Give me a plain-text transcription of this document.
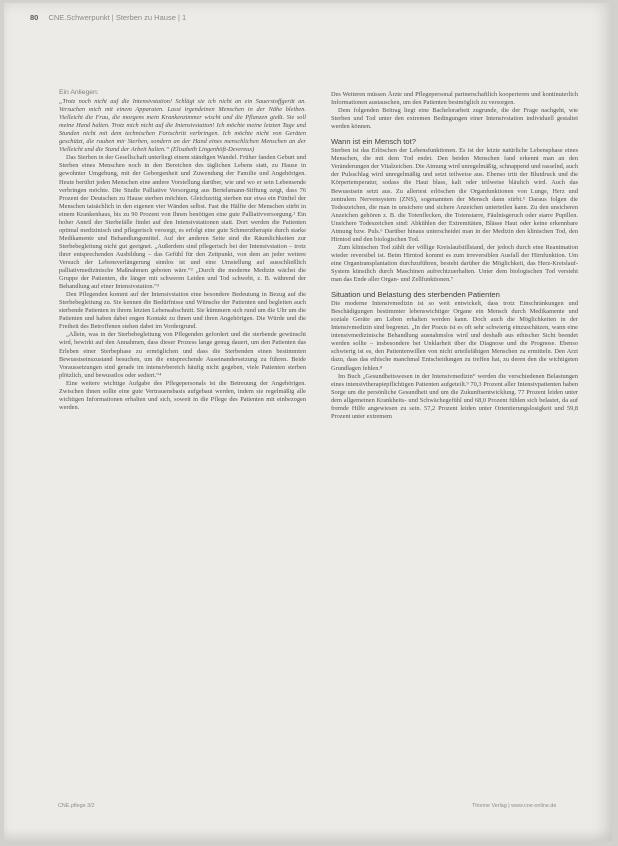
80 CNE.Schwerpunkt | Sterben zu Hause | 1
Ein Anliegen:

„Trotz noch nicht auf die Intensivstation! Schlägt sie ich nicht an ein Sauerstoffgerät an. Versuchen mich mit einem Apparaten. Lasst irgendeinen Menschen in der Nähe bleiben. Vielleicht die Frau, die morgens mein Krankenzimmer wischt und die Pflanzen gießt. Sie soll meine Hand halten. Trotz mich nicht auf die Intensivstation! Ich möchte meine letzten Tage und Stunden nicht mit dem technischen Fortschritt verbringen. Ich möchte nicht von Geräten geschützt, die rauben mir Sterben, sondern an der Hand eines menschlichen Menschen an der Vielleicht und die Stand der Arbeit halten.“ (Elisabeth Lingenhöft-Devereux)

Das Sterben in der Gesellschaft unterliegt einem ständigen Wandel. Früher fanden Geburt und Sterben eines Menschen noch in den Bereichen des täglichen Lebens statt, zu Hause in gewohnter Umgebung, mit der Geborgenheit und Zuwendung der Familie und Angehörigen. Heute berührt jeden Menschen eine andere Vorstellung darüber, wie und wo er sein Lebensende verbringen möchte. Die Studie Palliative Versorgung aus Bertelsmann-Stiftung zeigt, dass 76 Prozent der Deutschen zu Hause sterben möchten. Gleichzeitig sterben nur etwa ein Fünftel der Menschen tatsächlich in den eigenen vier Wänden selbst. Fast die Hälfte der Menschen stirbt in einem Krankenhaus, bis zu 90 Prozent von Ihnen benötigen eine gute Palliativversorgung.¹ Ein hoher Anteil der Sterbefälle findet auf den Intensivstationen statt. Dort werden die Patienten optimal medizinisch und pflegerisch versorgt, es erfolgt eine gute Schmerztherapie durch starke Medikamente und Behandlungsmittel. Auf der anderen Seite sind die Räumlichkeiten zur Sterbebegleitung nicht gut geeignet. „Außerdem sind pflegerisch bei der Intensivstation – trotz ihrer entsprechenden Ausbildung – das Gefühl für den Zeitpunkt, von dem an jeder weitere Versuch der Lebensverlängerung sinnlos ist und eine Umstellung auf ausschließlich palliativmedizinische Maßnahmen geboten wäre.“² „Durch die moderne Medizin wächst die Gruppe der Patienten, die länger mit schweren Leiden und Tod schwebt, z. B. während der Behandlung auf einer Intensivstation.“³

Den Pflegenden kommt auf der Intensivstation eine besondere Bedeutung in Bezug auf die Sterbebegleitung zu. Sie kennen die Bedürfnisse und Wünsche der Patienten und begleiten auch sterbende Patienten in ihrem letzten Lebensabschnitt. Sie kümmern sich rund um die Uhr um die Patienten und haben dabei engen Kontakt zu ihnen und ihren Angehörigen. Die Würde und die Freiheit des Betroffenen stehen dabei im Vordergrund.

„Allein, was in der Sterbebegleitung von Pflegenden gefordert und die sterbende gewünscht wird, bewirkt auf den Annahmen, dass dieser Prozess lange genug dauert, um den Patienten das Erleben einer Sterbephase zu ermöglichen und dass die Sterbenden einen bestimmten Bewusstseinszustand besuchen, um die entsprechende Auseinandersetzung zu führen. Beide Voraussetzungen sind gerade im intensivbereich häufig nicht gegeben, viele Patienten sterben plötzlich, und bewusstlos oder sediert.“⁴

Eine weitere wichtige Aufgabe des Pflegepersonals ist die Betreuung der Angehörigen. Zwischen ihnen sollte eine gute Vertrauensbasis aufgebaut werden, indem sie regelmäßig alle wichtigen Informationen erhalten und sich, soweit in die Pflege des Patienten mit einbezogen werden.

Des Weiteren müssen Ärzte und Pflegepersonal partnerschaftlich kooperieren und kontinuierlich Informationen austauschen, um den Patienten bestmöglich zu versorgen.

Dem folgenden Beitrag liegt eine Bachelorarbeit zugrunde, die der Frage nachgeht, wie Sterben und Tod unter den extremen Bedingungen einer Intensivstation individuell gestaltet werden können.

Wann ist ein Mensch tot?

Sterben ist das Erlöschen der Lebensfunktionen. Es ist der letzte natürliche Lebensphase eines Menschen, die mit dem Tod endet. Den beiden Menschen fand erkennt man an den Veränderungen der Vitalzeichen. Die Atmung wird unregelmäßig, schnappend und rasselnd, auch der Pulsschlag wird unregelmäßig und setzt teilweise aus. Ebenso tritt der Blutdruck und die Körpertemperatur, sodass die Haut blass, kalt oder teilweise bläulich wird. Auch das Bewusstsein setzt aus. Zu alleriest erlöschen die Organfunktionen von Lunge, Herz und zentralem Nervensystem (ZNS), sogenannten der Mensch dann stirbt.⁵ Daraus folgen die Todeszeichen, die man in unsichere und sichere Anzeichen unterteilen kann. Zu den unsicheren Anzeichen gehören z. B. die Totenflecken, die Totenstarre, Fäulnisgeruch oder starre Pupillen. Unsichere Todeszeichen sind: Abkühlen der Extremitäten, Blässe Haut oder keine erkennbare Atmung bzw. Puls.⁶ Darüber hinaus unterscheidet man in der Medizin den klinischen Tod, den Hirntod und den biologischen Tod.

Zum klinischen Tod zählt der völlige Kreislaufstillstand, der jedoch durch eine Reanimation wieder reversibel ist. Beim Hirntod kommt es zum irreversiblen Ausfall der Hirnfunktion. Um eine Organtransplantation durchzuführen, besteht darüber die Möglichkeit, das Herz-Kreislauf-System künstlich durch Maschinen aufrechtzuerhalten. Unter dem biologischen Tod versteht man das Ende aller Organ- und Zellfunktionen.⁷

Situation und Belastung des sterbenden Patienten

Die moderne Intensivmedizin ist so weit entwickelt, dass trotz Einschränkungen und Beschädigungen bestimmter lebenswichtiger Organe ein Mensch durch Medikamente und soziale Geräte am Leben erhalten werden kann. Doch auch die Möglichkeiten in der Intensivmedizin sind begrenzt. „In der Praxis ist es oft sehr schwierig einzuschätzen, wann eine intensivmedizinische Behandlung ausnahmslos wird und deshalb aus ethischer Sicht beendet werden sollte – insbesondere bei Unklarheit über die Diagnose und die Prognose. Ebenso schwierig ist es, den Patientenwillen von nicht urteilsfähigen Menschen zu ermitteln. Den Arzt dazu, dass das ethische manchmal Entscheidungen zu treffen hat, zu deren den die wichtigsten Grundlagen fehlen.⁸

Im Buch „Gesundheitswesen in der Intensivmedizin“ werden die verschiedenen Belastungen eines intensivtherapiepflichtigen Patienten aufgeteilt.⁹ 70,3 Prozent aller Intensivpatienten haben Sorge um die persönliche Gesundheit und um die Zukunftsentwicklung. 77 Prozent leiden unter dem allgemeinen Krankheits- und Schwächegefühl und 68,0 Prozent fühlen sich belastet, da auf fremde Hilfe angewiesen zu sein. 57,2 Prozent leiden unter Orientierungslosigkeit und 59,8 Prozent unter extremem

CNE.pflege 3/2	Thieme Verlag | www.cne-online.de
